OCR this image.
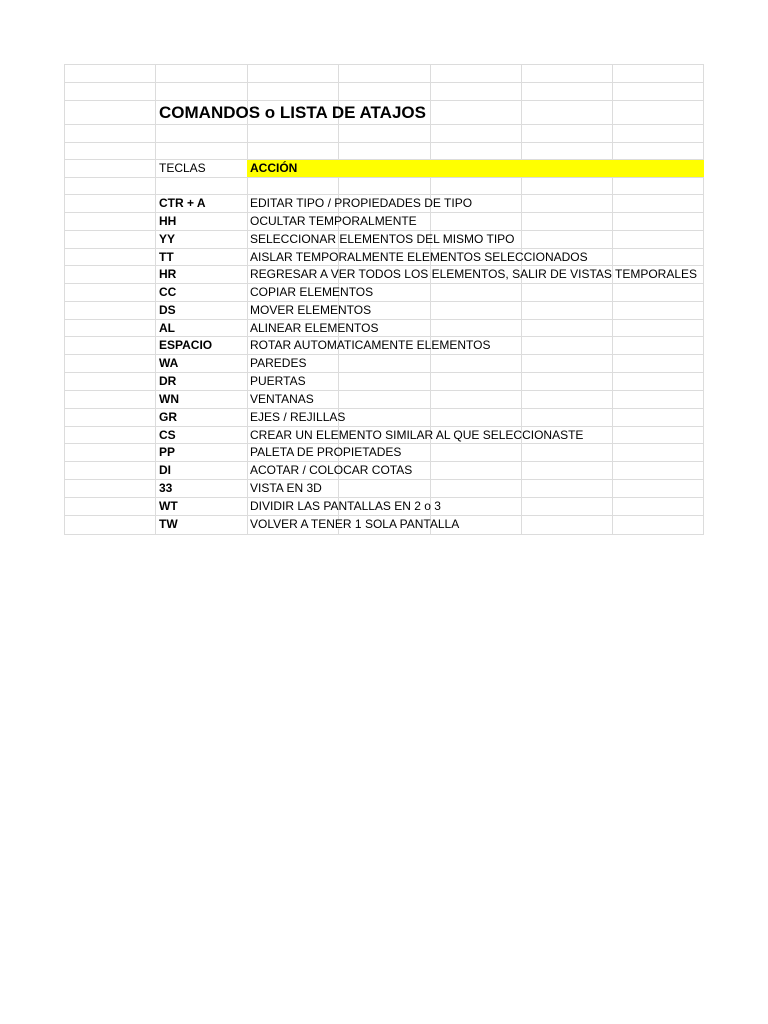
COMANDOS o LISTA DE ATAJOS
TECLAS	ACCIÓN
CTR + A	EDITAR TIPO / PROPIEDADES DE TIPO
HH	OCULTAR TEMPORALMENTE
YY	SELECCIONAR ELEMENTOS DEL MISMO TIPO
TT	AISLAR TEMPORALMENTE ELEMENTOS SELECCIONADOS
HR	REGRESAR A VER TODOS LOS ELEMENTOS, SALIR DE VISTAS TEMPORALES
CC	COPIAR ELEMENTOS
DS	MOVER ELEMENTOS
AL	ALINEAR ELEMENTOS
ESPACIO	ROTAR AUTOMATICAMENTE ELEMENTOS
WA	PAREDES
DR	PUERTAS
WN	VENTANAS
GR	EJES / REJILLAS
CS	CREAR UN ELEMENTO SIMILAR AL QUE SELECCIONASTE
PP	PALETA DE PROPIETADES
DI	ACOTAR / COLOCAR COTAS
33	VISTA EN 3D
WT	DIVIDIR LAS PANTALLAS EN 2 o 3
TW	VOLVER A TENER 1 SOLA PANTALLA
